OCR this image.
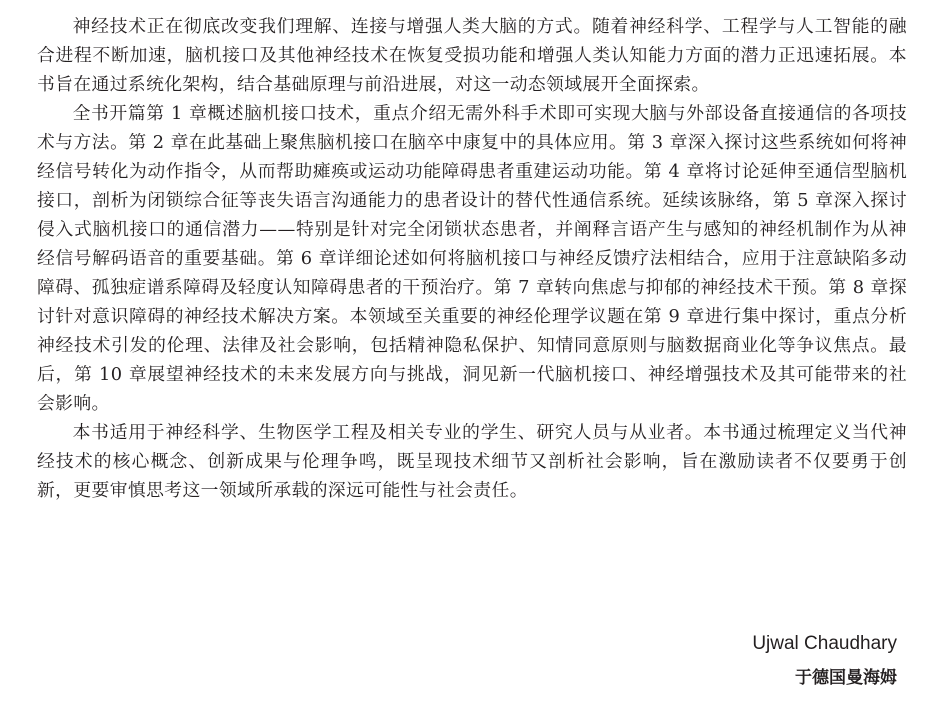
神经技术正在彻底改变我们理解、连接与增强人类大脑的方式。随着神经科学、工程学与人工智能的融合进程不断加速，脑机接口及其他神经技术在恢复受损功能和增强人类认知能力方面的潜力正迅速拓展。本书旨在通过系统化架构，结合基础原理与前沿进展，对这一动态领域展开全面探索。

全书开篇第 1 章概述脑机接口技术，重点介绍无需外科手术即可实现大脑与外部设备直接通信的各项技术与方法。第 2 章在此基础上聚焦脑机接口在脑卒中康复中的具体应用。第 3 章深入探讨这些系统如何将神经信号转化为动作指令，从而帮助瘫痪或运动功能障碍患者重建运动功能。第 4 章将讨论延伸至通信型脑机接口，剖析为闭锁综合征等丧失语言沟通能力的患者设计的替代性通信系统。延续该脉络，第 5 章深入探讨侵入式脑机接口的通信潜力——特别是针对完全闭锁状态患者，并阐释言语产生与感知的神经机制作为从神经信号解码语音的重要基础。第 6 章详细论述如何将脑机接口与神经反馈疗法相结合，应用于注意缺陷多动障碍、孤独症谱系障碍及轻度认知障碍患者的干预治疗。第 7 章转向焦虑与抑郁的神经技术干预。第 8 章探讨针对意识障碍的神经技术解决方案。本领域至关重要的神经伦理学议题在第 9 章进行集中探讨，重点分析神经技术引发的伦理、法律及社会影响，包括精神隐私保护、知情同意原则与脑数据商业化等争议焦点。最后，第 10 章展望神经技术的未来发展方向与挑战，洞见新一代脑机接口、神经增强技术及其可能带来的社会影响。

本书适用于神经科学、生物医学工程及相关专业的学生、研究人员与从业者。本书通过梳理定义当代神经技术的核心概念、创新成果与伦理争鸣，既呈现技术细节又剖析社会影响，旨在激励读者不仅要勇于创新，更要审慎思考这一领域所承载的深远可能性与社会责任。

Ujwal Chaudhary
于德国曼海姆
